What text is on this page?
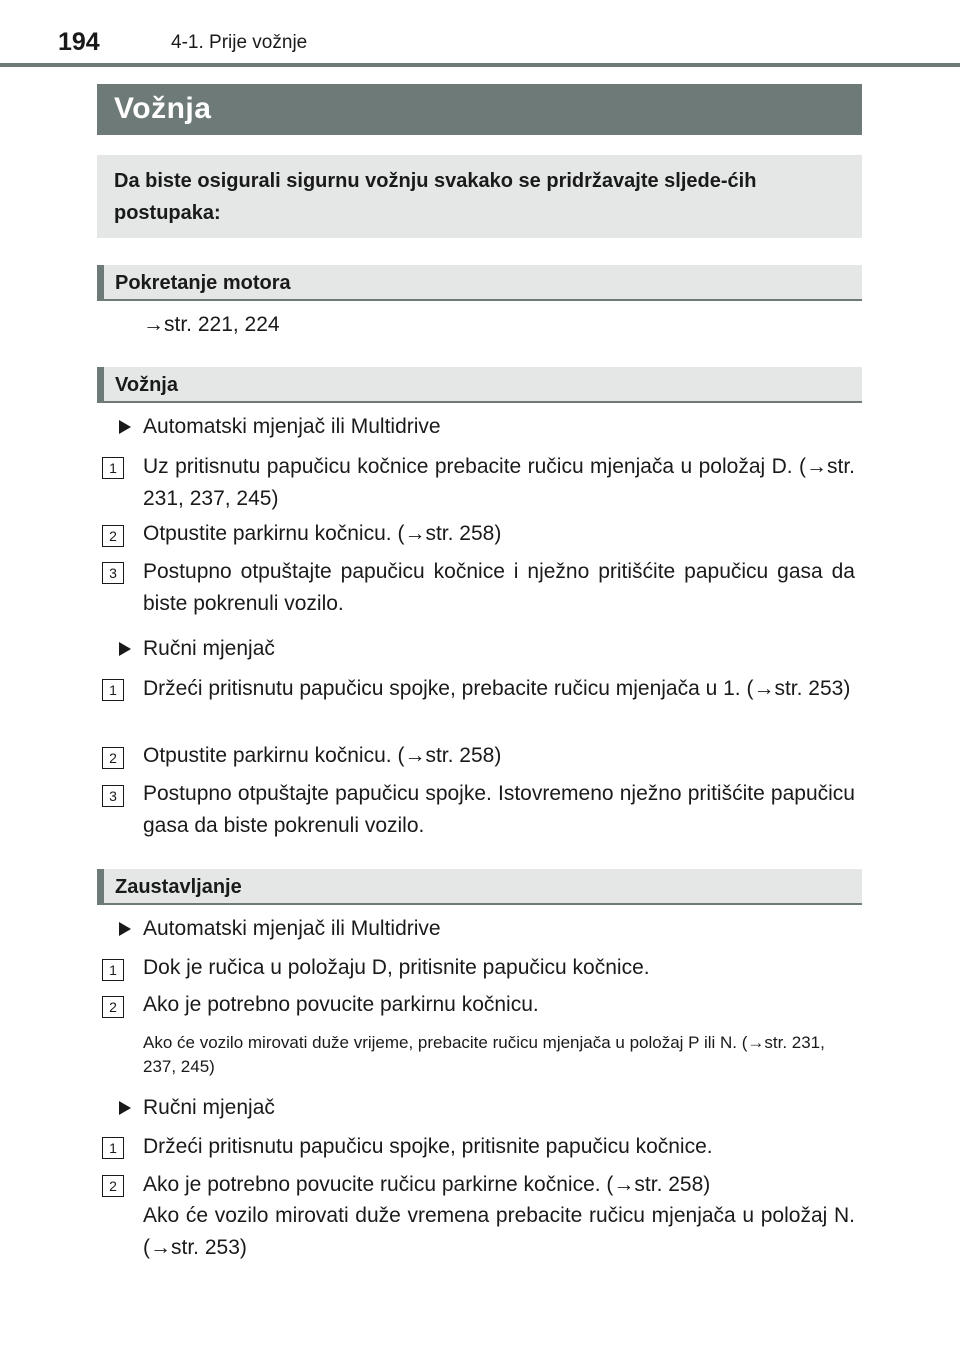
194	4-1. Prije vožnje
Vožnja

Da biste osigurali sigurnu vožnju svakako se pridržavajte sljede-ćih postupaka:

Pokretanje motora
→str. 221, 224
Vožnja
Automatski mjenjač ili Multidrive
1	Uz pritisnutu papučicu kočnice prebacite ručicu mjenjača u položaj D. (→str. 231, 237, 245)
2	Otpustite parkirnu kočnicu. (→str. 258)
3	Postupno otpuštajte papučicu kočnice i nježno pritišćite papučicu gasa da biste pokrenuli vozilo.
Ručni mjenjač
1	Držeći pritisnutu papučicu spojke, prebacite ručicu mjenjača u 1. (→str. 253)
2	Otpustite parkirnu kočnicu. (→str. 258)
3	Postupno otpuštajte papučicu spojke. Istovremeno nježno pritišćite papučicu gasa da biste pokrenuli vozilo.
Zaustavljanje
Automatski mjenjač ili Multidrive
1	Dok je ručica u položaju D, pritisnite papučicu kočnice.
2	Ako je potrebno povucite parkirnu kočnicu.
Ako će vozilo mirovati duže vrijeme, prebacite ručicu mjenjača u položaj P ili N. (→str. 231, 237, 245)
Ručni mjenjač
1	Držeći pritisnutu papučicu spojke, pritisnite papučicu kočnice.
2	Ako je potrebno povucite ručicu parkirne kočnice. (→str. 258)
Ako će vozilo mirovati duže vremena prebacite ručicu mjenjača u položaj N. (→str. 253)
